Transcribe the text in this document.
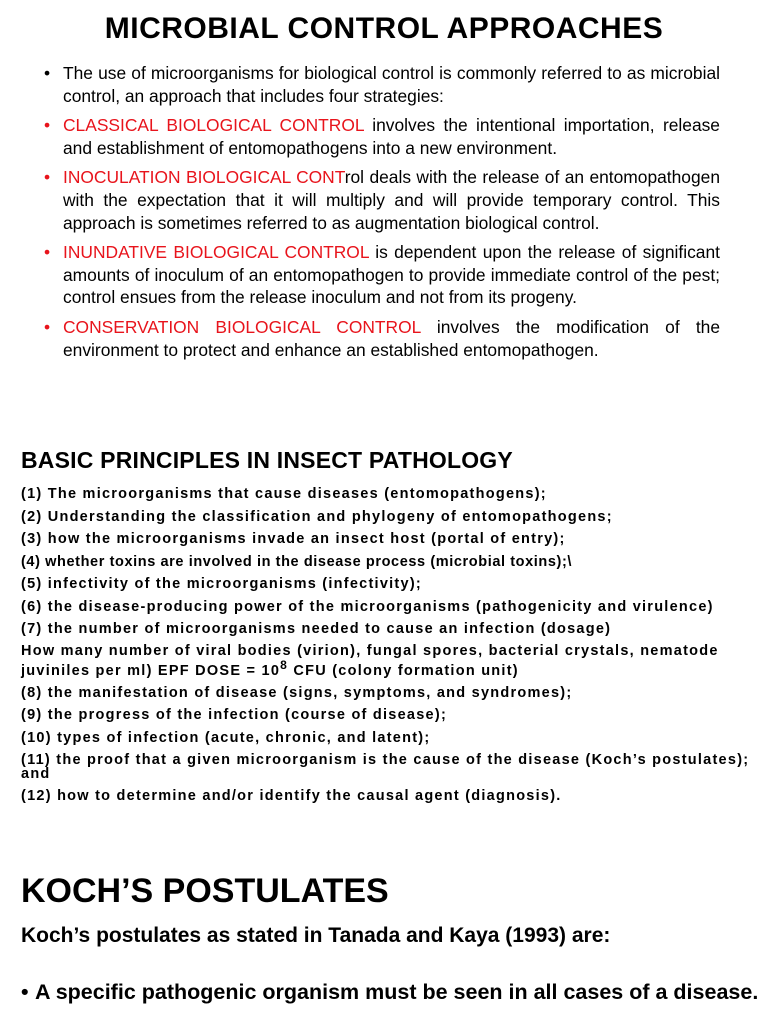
MICROBIAL CONTROL APPROACHES
• The use of microorganisms for biological control is commonly referred to as microbial control, an approach that includes four strategies:
• CLASSICAL BIOLOGICAL CONTROL involves the intentional importation, release and establishment of entomopathogens into a new environment.
• INOCULATION BIOLOGICAL CONTrol deals with the release of an entomopathogen with the expectation that it will multiply and will provide temporary control. This approach is sometimes referred to as augmentation biological control.
• INUNDATIVE BIOLOGICAL CONTROL is dependent upon the release of significant amounts of inoculum of an entomopathogen to provide immediate control of the pest; control ensues from the release inoculum and not from its progeny.
• CONSERVATION BIOLOGICAL CONTROL involves the modification of the environment to protect and enhance an established entomopathogen.
BASIC PRINCIPLES IN INSECT PATHOLOGY
(1) The microorganisms that cause diseases (entomopathogens);
(2) Understanding the classification and phylogeny of entomopathogens;
(3) how the microorganisms invade an insect host (portal of entry);
(4) whether toxins are involved in the disease process (microbial toxins);\
(5) infectivity of the microorganisms (infectivity);
(6) the disease-producing power of the microorganisms (pathogenicity and virulence)
(7) the number of microorganisms needed to cause an infection (dosage)
How many number of viral bodies (virion), fungal spores, bacterial crystals, nematode juviniles per ml) EPF DOSE = $10^8$ CFU (colony formation unit)
(8) the manifestation of disease (signs, symptoms, and syndromes);
(9) the progress of the infection (course of disease);
(10) types of infection (acute, chronic, and latent);
(11) the proof that a given microorganism is the cause of the disease (Koch’s postulates); and
(12) how to determine and/or identify the causal agent (diagnosis).
KOCH’S POSTULATES
Koch’s postulates as stated in Tanada and Kaya (1993) are:
• A specific pathogenic organism must be seen in all cases of a disease.
